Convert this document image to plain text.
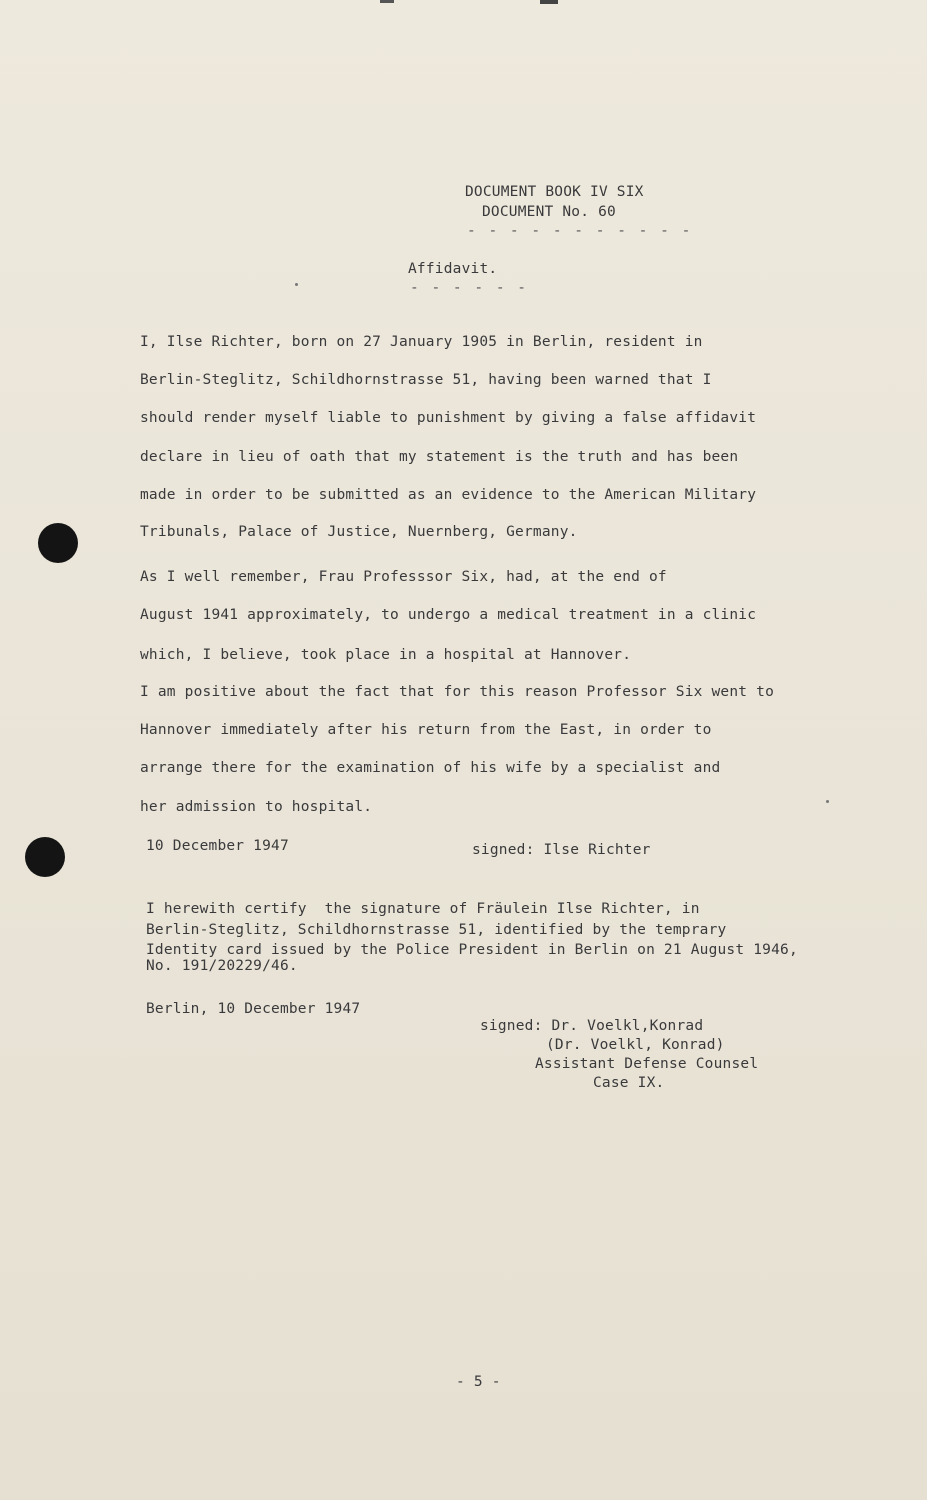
DOCUMENT BOOK IV SIX
DOCUMENT No. 60
- - - - - - - - - - -
Affidavit.
- - - - - -
I, Ilse Richter, born on 27 January 1905 in Berlin, resident in
Berlin-Steglitz, Schildhornstrasse 51, having been warned that I
should render myself liable to punishment by giving a false affidavit
declare in lieu of oath that my statement is the truth and has been
made in order to be submitted as an evidence to the American Military
Tribunals, Palace of Justice, Nuernberg, Germany.
As I well remember, Frau Professsor Six, had, at the end of
August 1941 approximately, to undergo a medical treatment in a clinic
which, I believe, took place in a hospital at Hannover.
I am positive about the fact that for this reason Professor Six went to
Hannover immediately after his return from the East, in order to
arrange there for the examination of his wife by a specialist and
her admission to hospital.
10 December 1947	signed: Ilse Richter
I herewith certify  the signature of Fräulein Ilse Richter, in
Berlin-Steglitz, Schildhornstrasse 51, identified by the temprary
Identity card issued by the Police President in Berlin on 21 August 1946,
No. 191/20229/46.
Berlin, 10 December 1947
signed: Dr. Voelkl,Konrad
(Dr. Voelkl, Konrad)
Assistant Defense Counsel
Case IX.
- 5 -
